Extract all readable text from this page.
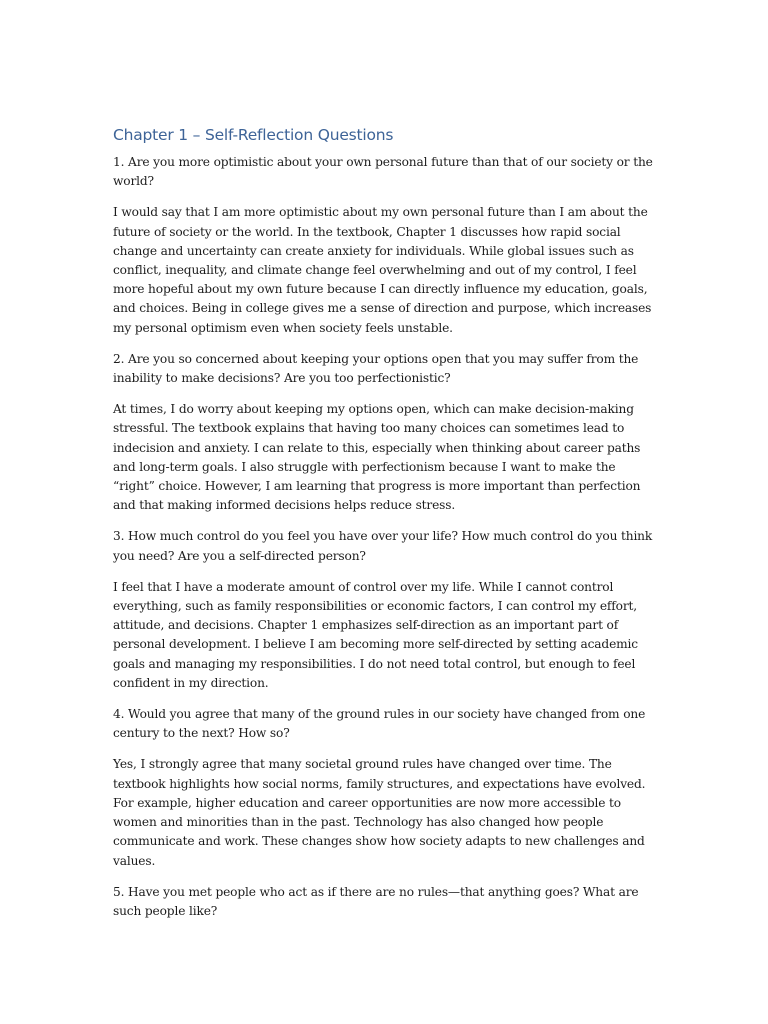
Chapter 1 – Self-Reflection Questions

1. Are you more optimistic about your own personal future than that of our society or the world?

I would say that I am more optimistic about my own personal future than I am about the future of society or the world. In the textbook, Chapter 1 discusses how rapid social change and uncertainty can create anxiety for individuals. While global issues such as conflict, inequality, and climate change feel overwhelming and out of my control, I feel more hopeful about my own future because I can directly influence my education, goals, and choices. Being in college gives me a sense of direction and purpose, which increases my personal optimism even when society feels unstable.

2. Are you so concerned about keeping your options open that you may suffer from the inability to make decisions? Are you too perfectionistic?

At times, I do worry about keeping my options open, which can make decision-making stressful. The textbook explains that having too many choices can sometimes lead to indecision and anxiety. I can relate to this, especially when thinking about career paths and long-term goals. I also struggle with perfectionism because I want to make the “right” choice. However, I am learning that progress is more important than perfection and that making informed decisions helps reduce stress.

3. How much control do you feel you have over your life? How much control do you think you need? Are you a self-directed person?

I feel that I have a moderate amount of control over my life. While I cannot control everything, such as family responsibilities or economic factors, I can control my effort, attitude, and decisions. Chapter 1 emphasizes self-direction as an important part of personal development. I believe I am becoming more self-directed by setting academic goals and managing my responsibilities. I do not need total control, but enough to feel confident in my direction.

4. Would you agree that many of the ground rules in our society have changed from one century to the next? How so?

Yes, I strongly agree that many societal ground rules have changed over time. The textbook highlights how social norms, family structures, and expectations have evolved. For example, higher education and career opportunities are now more accessible to women and minorities than in the past. Technology has also changed how people communicate and work. These changes show how society adapts to new challenges and values.

5. Have you met people who act as if there are no rules—that anything goes? What are such people like?
